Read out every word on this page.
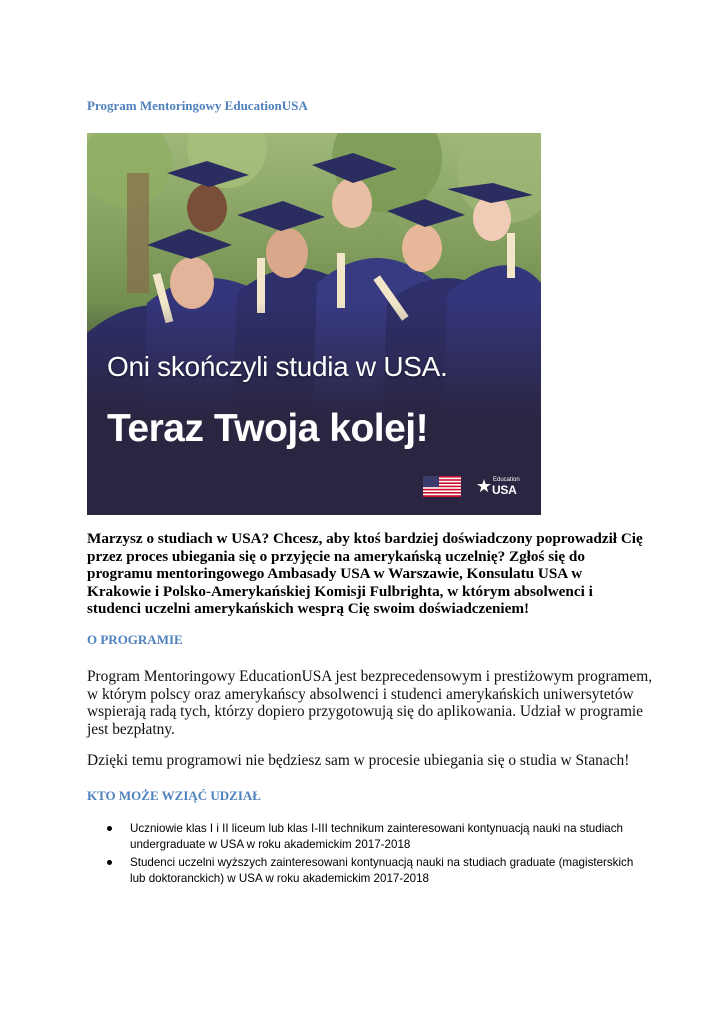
Program Mentoringowy EducationUSA
Oni skończyli studia w USA.
Teraz Twoja kolej!
Education
USA

Marzysz o studiach w USA? Chcesz, aby ktoś bardziej doświadczony poprowadził Cię przez proces ubiegania się o przyjęcie na amerykańską uczelnię? Zgłoś się do programu mentoringowego Ambasady USA w Warszawie, Konsulatu USA w Krakowie i Polsko-Amerykańskiej Komisji Fulbrighta, w którym absolwenci i studenci uczelni amerykańskich wesprą Cię swoim doświadczeniem!

O PROGRAMIE

Program Mentoringowy EducationUSA jest bezprecedensowym i prestiżowym programem, w którym polscy oraz amerykańscy absolwenci i studenci amerykańskich uniwersytetów wspierają radą tych, którzy dopiero przygotowują się do aplikowania. Udział w programie jest bezpłatny.

Dzięki temu programowi nie będziesz sam w procesie ubiegania się o studia w Stanach!

KTO MOŻE WZIĄĆ UDZIAŁ
Uczniowie klas I i II liceum lub klas I-III technikum zainteresowani kontynuacją nauki na studiach undergraduate w USA w roku akademickim 2017-2018
Studenci uczelni wyższych zainteresowani kontynuacją nauki na studiach graduate (magisterskich lub doktoranckich) w USA w roku akademickim 2017-2018
